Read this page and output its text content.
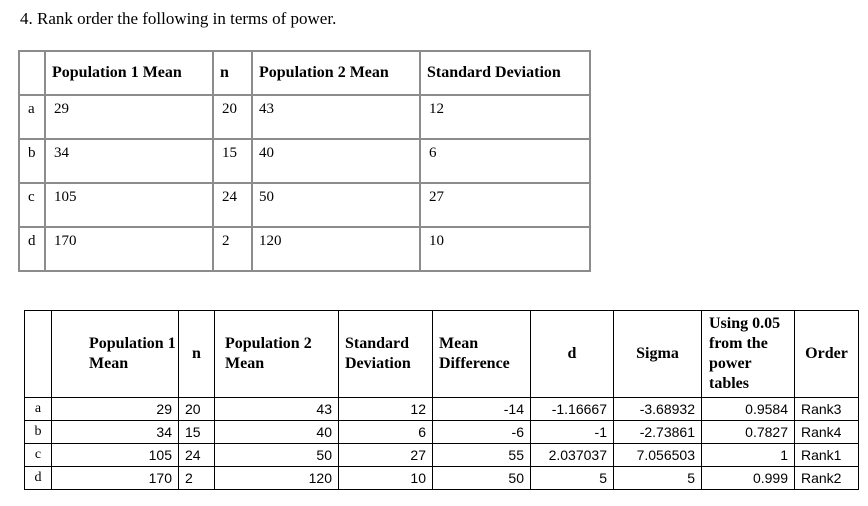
4. Rank order the following in terms of power.
	Population 1 Mean	n	Population 2 Mean	Standard Deviation

a	29	20	43	12

b	34	15	40	6

c	105	24	50	27

d	170	2	120	10
	Population 1 Mean	n	Population 2 Mean	Standard Deviation	Mean Difference	d	Sigma	Using 0.05 from the power tables	Order
a	29	20	43	12	-14	-1.16667	-3.68932	0.9584	Rank3
b	34	15	40	6	-6	-1	-2.73861	0.7827	Rank4
c	105	24	50	27	55	2.037037	7.056503	1	Rank1
d	170	2	120	10	50	5	5	0.999	Rank2
